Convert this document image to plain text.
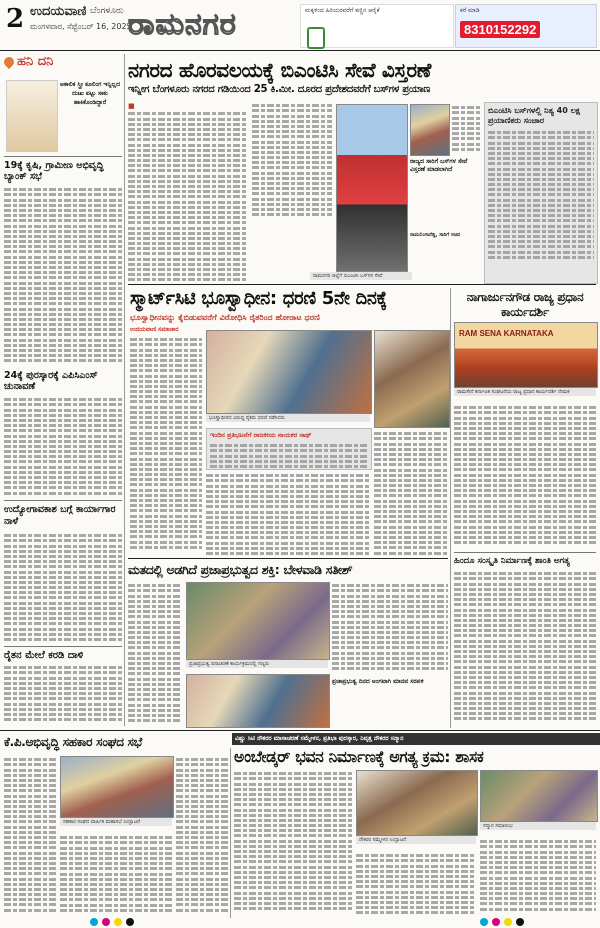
2 ಉದಯವಾಣಿ ಬೆಂಗಳೂರು
ಮಂಗಳವಾರ, ಸೆಪ್ಟೆಂಬರ್ 16, 2025
ರಾಮನಗರ	ಮಕ್ಕಳಿಂದ ಹಿರಿಯರವರೆಗೆ ಕಣ್ಣಿನ ಆರೈಕೆ	ಕರೆ ಮಾಡಿ
8310152292
ಹನಿ ದನಿ
ಅಕಾಲಿಕ ಸ್ತ್ರೀ ಕೂಲಿಂಗ ಇನ್ನಿಲ್ಲದ ದುಃಖ ಪಟ್ಟು ಸಾಕು ಹಾಕಿಕೊಂಡಿದ್ದಾರೆ
19ಕ್ಕೆ ಕೃಷಿ, ಗ್ರಾಮೀಣ ಅಭಿವೃದ್ಧಿ ಬ್ಯಾಂಕ್ ಸಭೆ
24ಕ್ಕೆ ಪುರಸ್ಕಾರಕ್ಕೆ ಎಪಿಸಿಎಂಸ್ ಚುನಾವಣೆ
ಉದ್ಯೋಗಾವಕಾಶ ಬಗ್ಗೆ ಕಾರ್ಯಾಗಾರ ನಾಳೆ
ರೈತನ ಮೇಲೆ ಕರಡಿ ದಾಳಿ
ನಗರದ ಹೊರವಲಯಕ್ಕೆ ಬಿಎಂಟಿಸಿ ಸೇವೆ ವಿಸ್ತರಣೆ
ಇನ್ನೀಗ ಬೆಂಗಳೂರು ನಗರದ ಗಡಿಯಿಂದ 25 ಕಿ.ಮೀ. ದೂರದ ಪ್ರದೇಶದವರೆಗೆ ಬಸ್‌ಗಳ ಪ್ರಯಾಣ
■
ರಾಮನಗರ ಜಿಲ್ಲೆಗೆ ಬಿಎಂಟಿಸಿ ಬಸ್‌ಗಳ ಸೇವೆ
ರಾಜ್ಯದ ಸಾರಿಗೆ ಬಸ್‌ಗಳ ಸೇವೆ ವಿಸ್ತರಣೆ ಮಾಡಲಾಗಿದೆ
ರಾಮಲಿಂಗಾರೆಡ್ಡಿ, ಸಾರಿಗೆ ಸಚಿವ
ಬಿಎಂಟಿಸಿ ಬಸ್‌ಗಳಲ್ಲಿ ನಿತ್ಯ 40 ಲಕ್ಷ ಪ್ರಯಾಣಿಕರು ಸಂಚಾರ
ಸ್ಮಾರ್ಟ್‌ಸಿಟಿ ಭೂಸ್ವಾಧೀನ: ಧರಣಿ 5ನೇ ದಿನಕ್ಕೆ
ಭೂಸ್ವಾಧೀನವನ್ನು ಕೈಬಿಡುವವರೆಗೆ ವಿರೋಧಿಸಿ ರೈತರಿಂದ ಹೋರಾಟ ಧರಣಿ
ಉದಯವಾಣಿ ಸಮಾಚಾರ
ಭೂಸ್ವಾಧೀನದ ವಿರುದ್ಧ ರೈತರು ಧರಣಿ ನಡೆಸಿದರು
ಇಂದಿನ ಪ್ರತಿಭಟನೆಗೆ ರಾಜಕೀಯ ನಾಯಕರ ಸಾಥ್
ನಾಗಾರ್ಜುನಗೌಡ ರಾಜ್ಯ ಪ್ರಧಾನ ಕಾರ್ಯದರ್ಶಿ
RAM SENA KARNATAKA
ರಾಮಸೇನೆ ಕರ್ನಾಟಕ ಸಂಘಟನೆಯ ರಾಜ್ಯ ಪ್ರಧಾನ ಕಾರ್ಯದರ್ಶಿ ನೇಮಕ
ಹಿಂದೂ ಸಂಸ್ಕೃತಿ ನಿರ್ಮಾಣಕ್ಕೆ ಶಾಂತಿ ಅಗತ್ಯ
ಮತದಲ್ಲಿ ಅಡಗಿದೆ ಪ್ರಜಾಪ್ರಭುತ್ವದ ಶಕ್ತಿ: ಬೇಳವಾಡಿ ಸತೀಶ್
ಪ್ರಜಾಪ್ರಭುತ್ವ ದಿನಾಚರಣೆ ಕಾರ್ಯಕ್ರಮದಲ್ಲಿ ಗಣ್ಯರು
ಪ್ರಜಾಪ್ರಭುತ್ವ ದಿನದ ಅಂಗವಾಗಿ ಮಾನವ ಸರಪಳಿ
ಕೆ.ಪಿ.ಅಭಿವೃದ್ಧಿ ಸಹಕಾರ ಸಂಘದ ಸಭೆ	ವಿಷ್ಣು ಸಿಟಿ ನೌಕರರ ಮಾಸಾಚರಣೆ ಸಮ್ಮೇಳನ, ಪ್ರತಿಭಾ ಪುರಸ್ಕಾರ, ನಿವೃತ್ತ ನೌಕರರ ಸನ್ಮಾನ
ಅಂಬೇಡ್ಕರ್ ಭವನ ನಿರ್ಮಾಣಕ್ಕೆ ಅಗತ್ಯ ಕ್ರಮ: ಶಾಸಕ
ಸಹಕಾರ ಸಂಘದ ವಾರ್ಷಿಕ ಮಹಾಸಭೆ ಉದ್ಘಾಟನೆ
ನೌಕರರ ಸಮ್ಮೇಳನ ಉದ್ಘಾಟನೆ
ಸನ್ಮಾನ ಸಮಾರಂಭ
